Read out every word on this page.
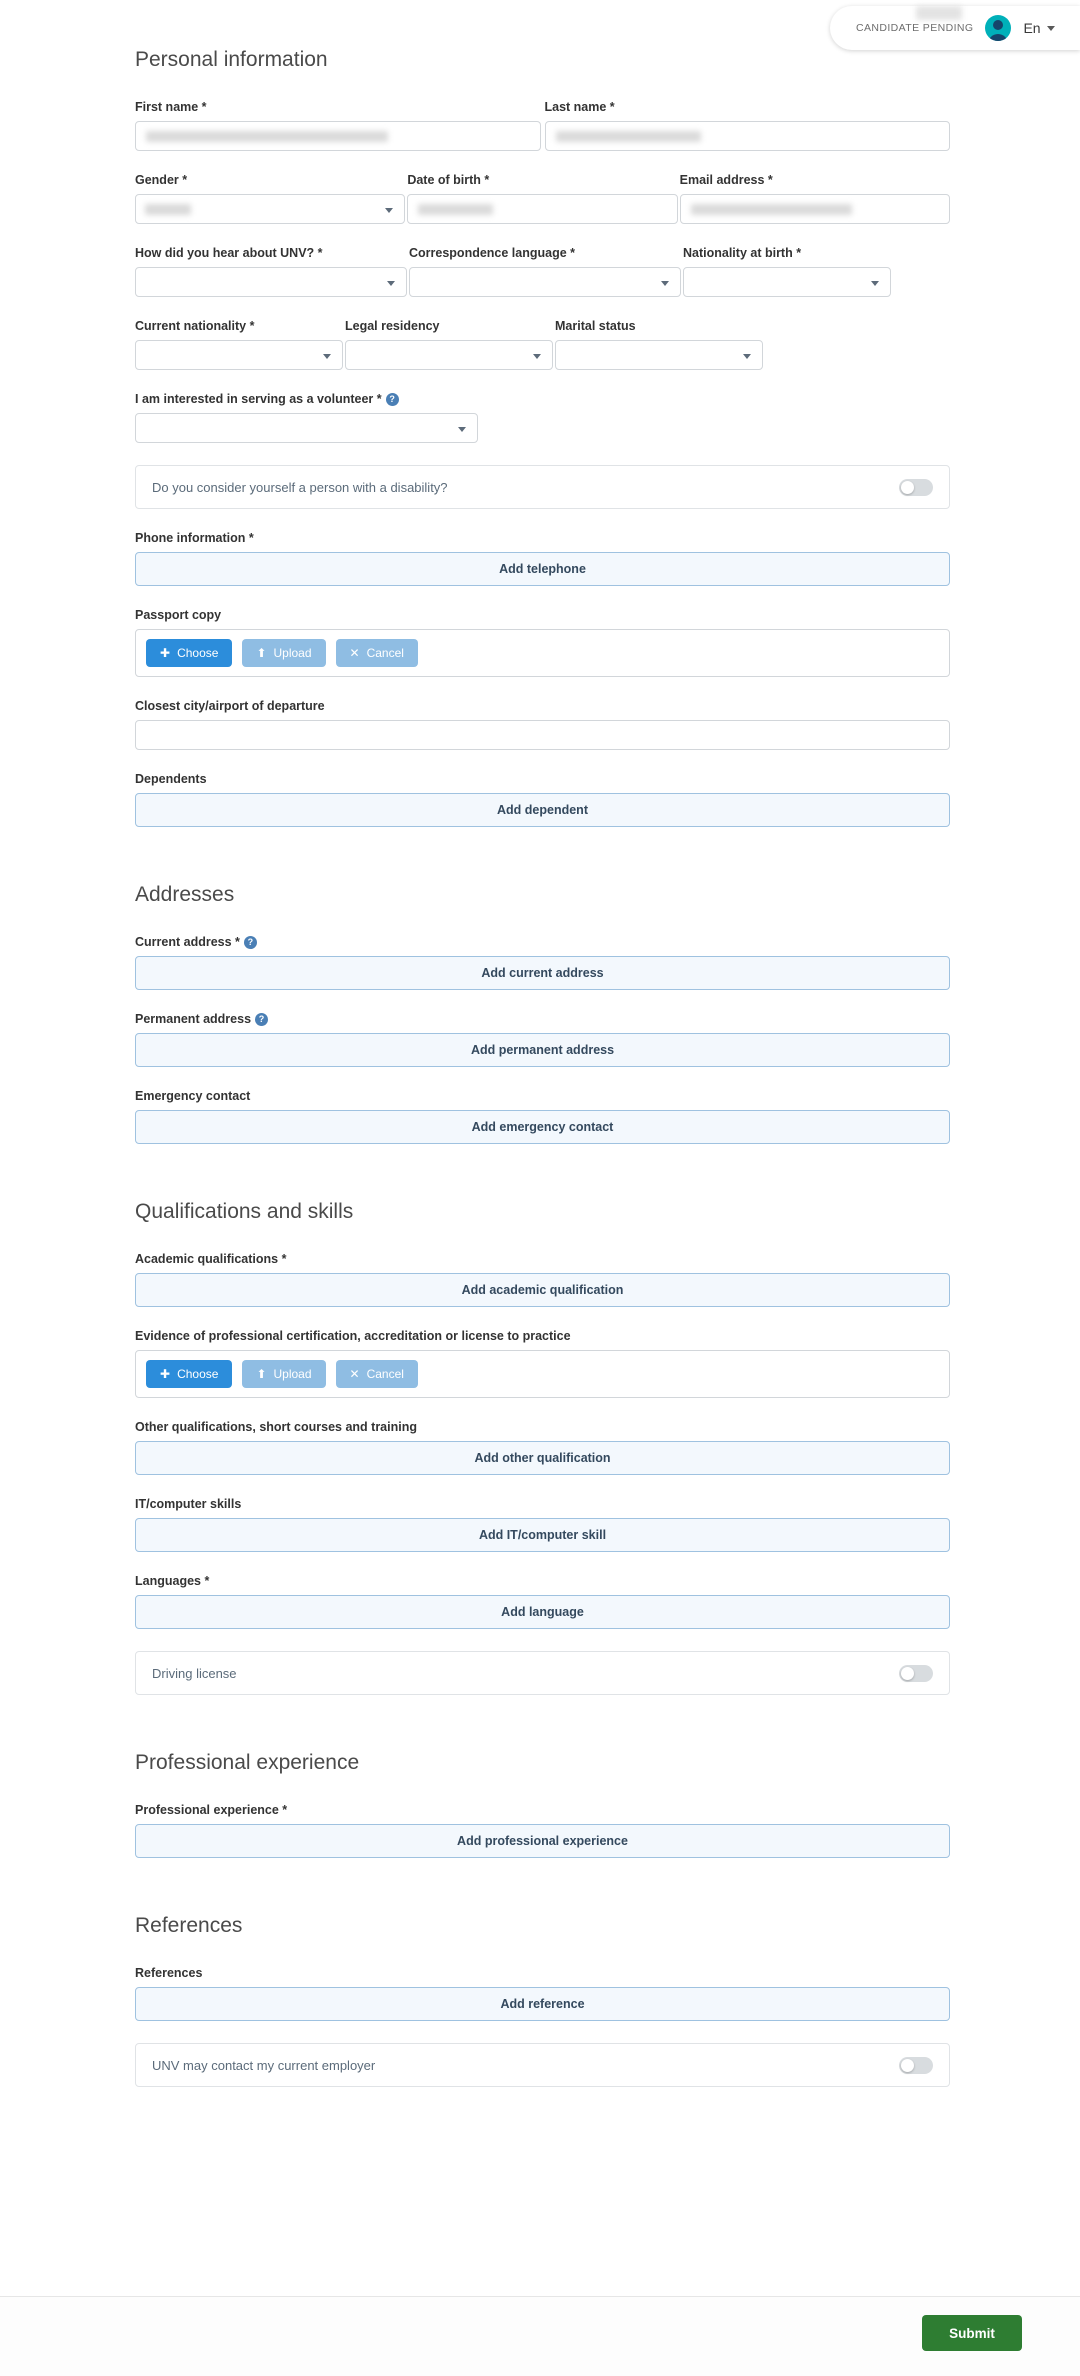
CANDIDATE PENDING	En
Personal information
First name *	Last name *
Gender *	Date of birth *	Email address *
How did you hear about UNV? *	Correspondence language *	Nationality at birth *
Current nationality *	Legal residency	Marital status
I am interested in serving as a volunteer * ?
Do you consider yourself a person with a disability?
Phone information *
Add telephone
Passport copy
✚ Choose	⬆ Upload	✕ Cancel
Closest city/airport of departure
Dependents
Add dependent
Addresses
Current address * ?
Add current address
Permanent address ?
Add permanent address
Emergency contact
Add emergency contact
Qualifications and skills
Academic qualifications *
Add academic qualification
Evidence of professional certification, accreditation or license to practice
✚ Choose	⬆ Upload	✕ Cancel
Other qualifications, short courses and training
Add other qualification
IT/computer skills
Add IT/computer skill
Languages *
Add language
Driving license
Professional experience
Professional experience *
Add professional experience
References
References
Add reference
UNV may contact my current employer
Submit
